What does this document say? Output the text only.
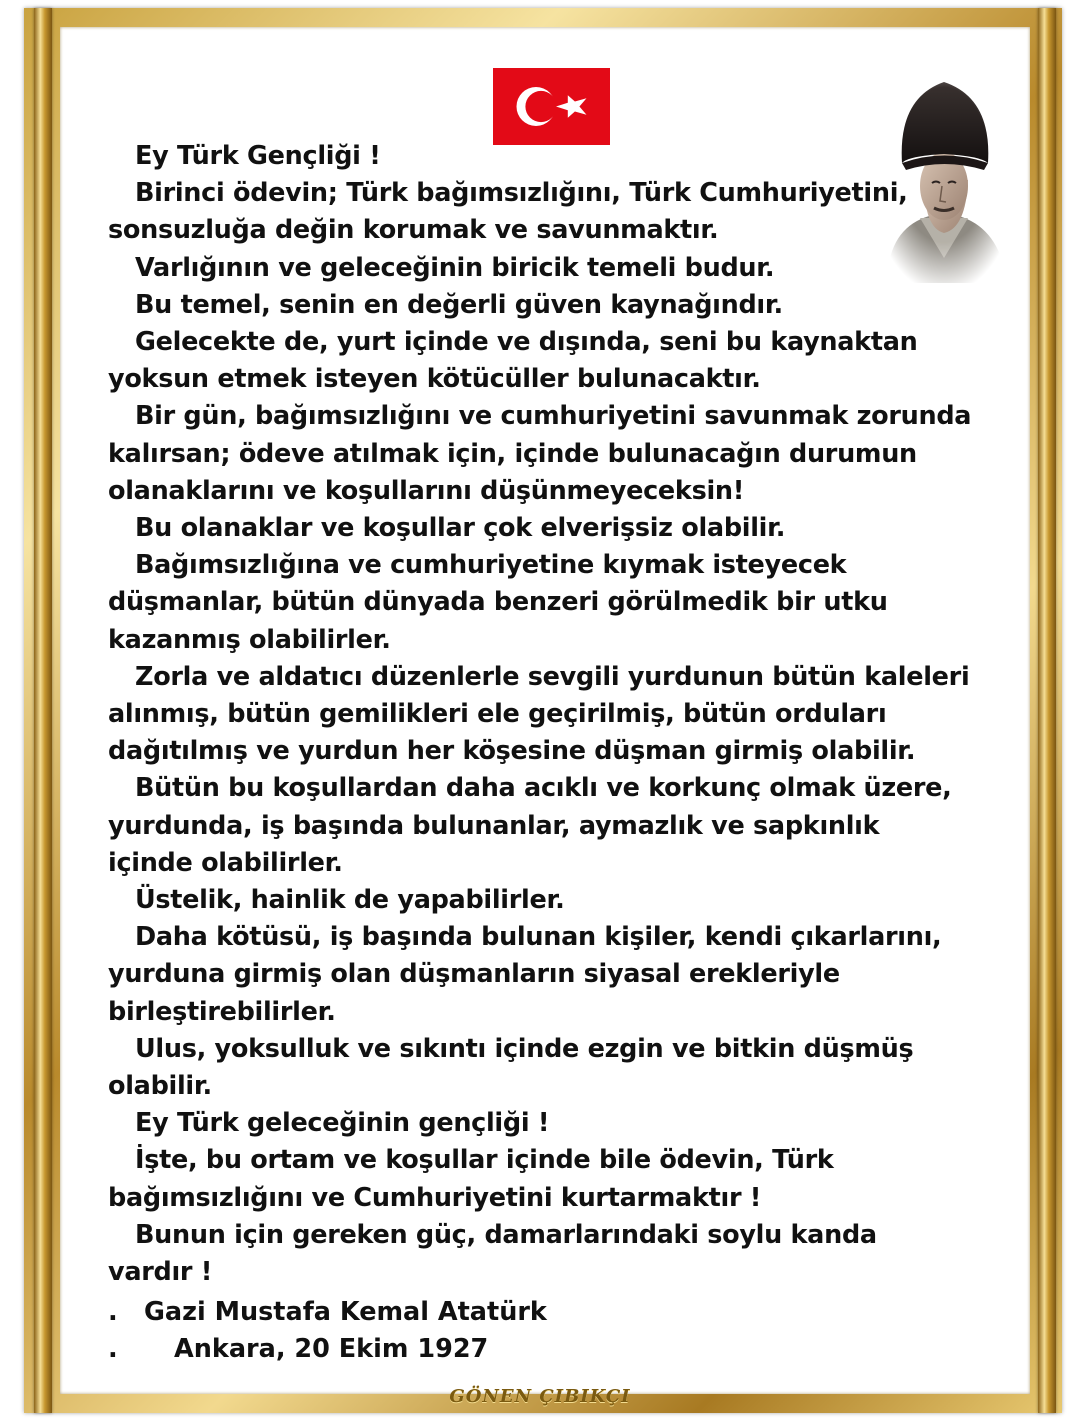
Ey Türk Gençliği !
Birinci ödevin; Türk bağımsızlığını, Türk Cumhuriyetini,
sonsuzluğa değin korumak ve savunmaktır.
Varlığının ve geleceğinin biricik temeli budur.
Bu temel, senin en değerli güven kaynağındır.
Gelecekte de, yurt içinde ve dışında, seni bu kaynaktan
yoksun etmek isteyen kötücüller bulunacaktır.
Bir gün, bağımsızlığını ve cumhuriyetini savunmak zorunda
kalırsan; ödeve atılmak için, içinde bulunacağın durumun
olanaklarını ve koşullarını düşünmeyeceksin!
Bu olanaklar ve koşullar çok elverişsiz olabilir.
Bağımsızlığına ve cumhuriyetine kıymak isteyecek
düşmanlar, bütün dünyada benzeri görülmedik bir utku
kazanmış olabilirler.
Zorla ve aldatıcı düzenlerle sevgili yurdunun bütün kaleleri
alınmış, bütün gemilikleri ele geçirilmiş, bütün orduları
dağıtılmış ve yurdun her köşesine düşman girmiş olabilir.
Bütün bu koşullardan daha acıklı ve korkunç olmak üzere,
yurdunda, iş başında bulunanlar, aymazlık ve sapkınlık
içinde olabilirler.
Üstelik, hainlik de yapabilirler.
Daha kötüsü, iş başında bulunan kişiler, kendi çıkarlarını,
yurduna girmiş olan düşmanların siyasal erekleriyle
birleştirebilirler.
Ulus, yoksulluk ve sıkıntı içinde ezgin ve bitkin düşmüş
olabilir.
Ey Türk geleceğinin gençliği !
İşte, bu ortam ve koşullar içinde bile ödevin, Türk
bağımsızlığını ve Cumhuriyetini kurtarmaktır !
Bunun için gereken güç, damarlarındaki soylu kanda
vardır !
. Gazi Mustafa Kemal Atatürk
. Ankara, 20 Ekim 1927
GÖNEN ÇIBIKÇI
